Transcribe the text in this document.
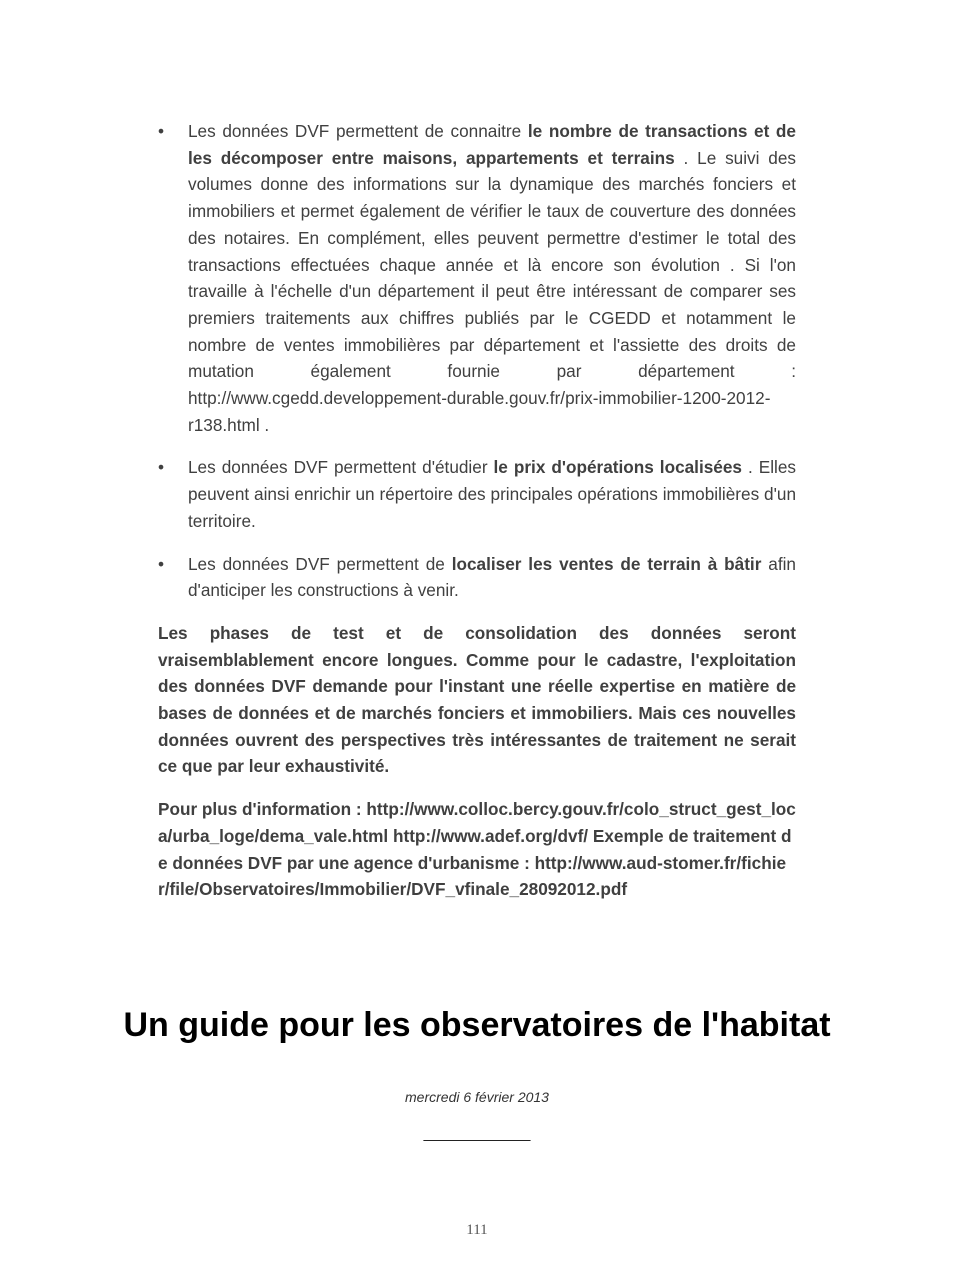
• Les données DVF permettent de connaitre le nombre de transactions et de les décomposer entre maisons, appartements et terrains . Le suivi des volumes donne des informations sur la dynamique des marchés fonciers et immobiliers et permet également de vérifier le taux de couverture des données des notaires. En complément, elles peuvent permettre d'estimer le total des transactions effectuées chaque année et là encore son évolution . Si l'on travaille à l'échelle d'un département il peut être intéressant de comparer ses premiers traitements aux chiffres publiés par le CGEDD et notamment le nombre de ventes immobilières par département et l'assiette des droits de mutation également fournie par département : http://www.cgedd.developpement-durable.gouv.fr/prix-immobilier-1200-2012-r138.html .
• Les données DVF permettent d'étudier le prix d'opérations localisées . Elles peuvent ainsi enrichir un répertoire des principales opérations immobilières d'un territoire.
• Les données DVF permettent de localiser les ventes de terrain à bâtir afin d'anticiper les constructions à venir.

Les phases de test et de consolidation des données seront vraisemblablement encore longues. Comme pour le cadastre, l'exploitation des données DVF demande pour l'instant une réelle expertise en matière de bases de données et de marchés fonciers et immobiliers. Mais ces nouvelles données ouvrent des perspectives très intéressantes de traitement ne serait ce que par leur exhaustivité.

Pour plus d'information : http://www.colloc.bercy.gouv.fr/colo_struct_gest_loca/urba_loge/dema_vale.html http://www.adef.org/dvf/ Exemple de traitement de données DVF par une agence d'urbanisme : http://www.aud-stomer.fr/fichier/file/Observatoires/Immobilier/DVF_vfinale_28092012.pdf

Un guide pour les observatoires de l'habitat
mercredi 6 février 2013
____________
111
